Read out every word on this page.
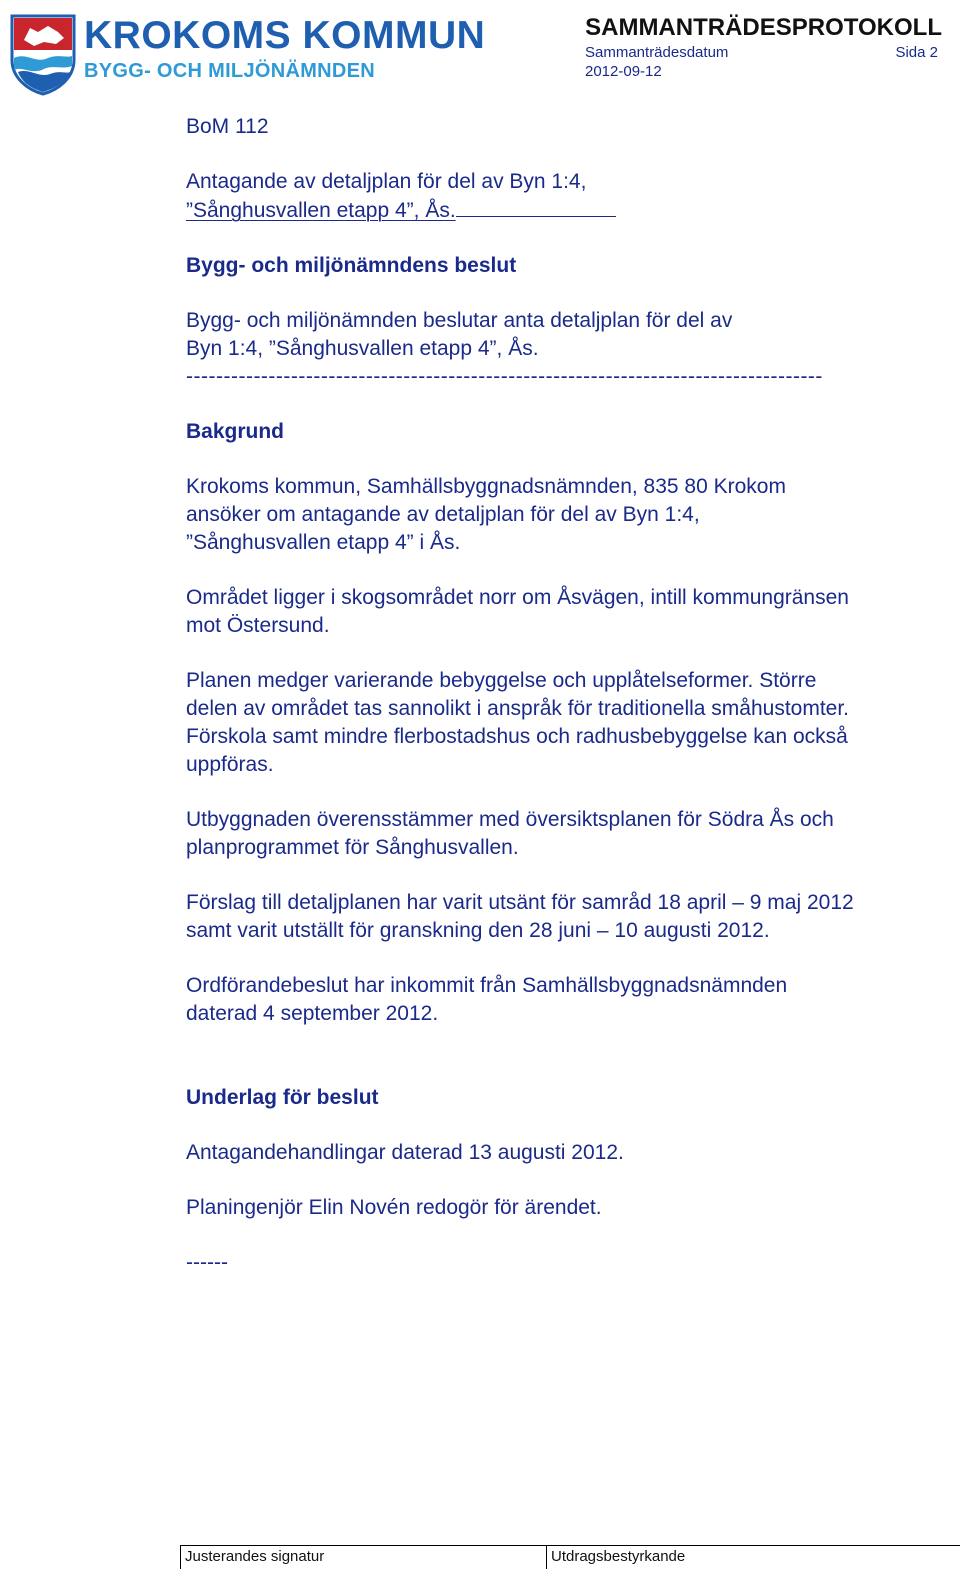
KROKOMS KOMMUN
BYGG- OCH MILJÖNÄMNDEN
SAMMANTRÄDESPROTOKOLL
Sammanträdesdatum	Sida 2
2012-09-12

BoM 112

Antagande av detaljplan för del av Byn 1:4,

”Sånghusvallen etapp 4”, Ås.

Bygg- och miljönämndens beslut

Bygg- och miljönämnden beslutar anta detaljplan för del av

Byn 1:4, ”Sånghusvallen etapp 4”, Ås.

-------------------------------------------------------------------------------------

Bakgrund

Krokoms kommun, Samhällsbyggnadsnämnden, 835 80 Krokom

ansöker om antagande av detaljplan för del av Byn 1:4,

”Sånghusvallen etapp 4” i Ås.

Området ligger i skogsområdet norr om Åsvägen, intill kommungränsen

mot Östersund.

Planen medger varierande bebyggelse och upplåtelseformer. Större

delen av området tas sannolikt i anspråk för traditionella småhustomter.

Förskola samt mindre flerbostadshus och radhusbebyggelse kan också

uppföras.

Utbyggnaden överensstämmer med översiktsplanen för Södra Ås och

planprogrammet för Sånghusvallen.

Förslag till detaljplanen har varit utsänt för samråd 18 april – 9 maj 2012

samt varit utställt för granskning den 28 juni – 10 augusti 2012.

Ordförandebeslut har inkommit från Samhällsbyggnadsnämnden

daterad 4 september 2012.

Underlag för beslut

Antagandehandlingar daterad 13 augusti 2012.

Planingenjör Elin Novén redogör för ärendet.

------

Justerandes signatur	Utdragsbestyrkande
